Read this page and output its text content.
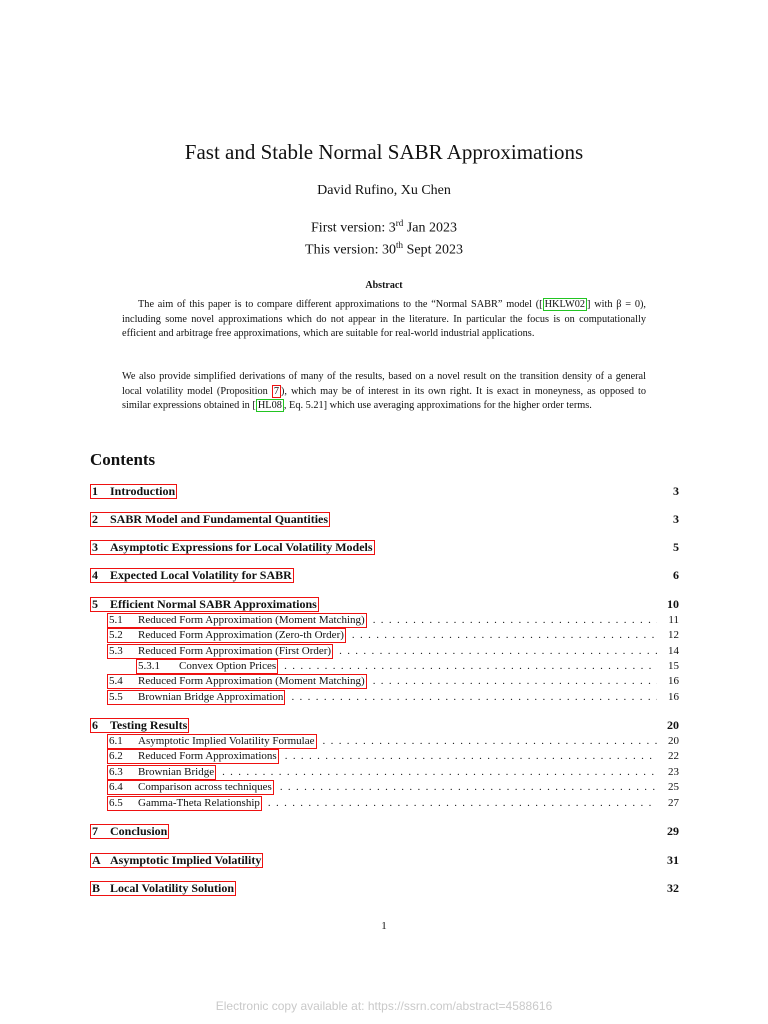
Fast and Stable Normal SABR Approximations
David Rufino, Xu Chen
First version: 3rd Jan 2023
This version: 30th Sept 2023
Abstract
The aim of this paper is to compare different approximations to the “Normal SABR” model ([ HKLW02 ] with β = 0), including some novel approximations which do not appear in the literature. In particular the focus is on computationally efficient and arbitrage free approximations, which are suitable for real-world industrial applications.
We also provide simplified derivations of many of the results, based on a novel result on the transition density of a general local volatility model (Proposition 7 ), which may be of interest in its own right. It is exact in moneyness, as opposed to similar expressions obtained in [ HL08 , Eq. 5.21] which use averaging approximations for the higher order terms.
Contents
1 Introduction	3
2 SABR Model and Fundamental Quantities	3
3 Asymptotic Expressions for Local Volatility Models	5
4 Expected Local Volatility for SABR	6
5 Efficient Normal SABR Approximations	10
5.1 Reduced Form Approximation (Moment Matching) . . .	11
5.2 Reduced Form Approximation (Zero-th Order) . . .	12
5.3 Reduced Form Approximation (First Order) . . .	14
5.3.1 Convex Option Prices . . .	15
5.4 Reduced Form Approximation (Moment Matching) . . .	16
5.5 Brownian Bridge Approximation . . .	16
6 Testing Results	20
6.1 Asymptotic Implied Volatility Formulae . . .	20
6.2 Reduced Form Approximations . . .	22
6.3 Brownian Bridge . . .	23
6.4 Comparison across techniques . . .	25
6.5 Gamma-Theta Relationship . . .	27
7 Conclusion	29
A Asymptotic Implied Volatility	31
B Local Volatility Solution	32
1
Electronic copy available at: https://ssrn.com/abstract=4588616
